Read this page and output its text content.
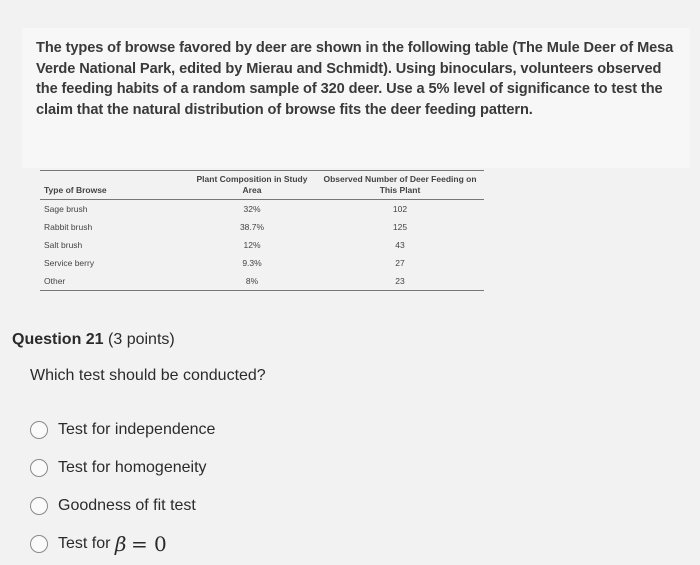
The types of browse favored by deer are shown in the following table (The Mule Deer of Mesa Verde National Park, edited by Mierau and Schmidt). Using binoculars, volunteers observed the feeding habits of a random sample of 320 deer. Use a 5% level of significance to test the claim that the natural distribution of browse fits the deer feeding pattern.
Type of Browse	Plant Composition in Study Area	Observed Number of Deer Feeding on This Plant
Sage brush	32%	102
Rabbit brush	38.7%	125
Salt brush	12%	43
Service berry	9.3%	27
Other	8%	23
Question 21 (3 points)
Which test should be conducted?
Test for independence
Test for homogeneity
Goodness of fit test
Test for
β
= 0
